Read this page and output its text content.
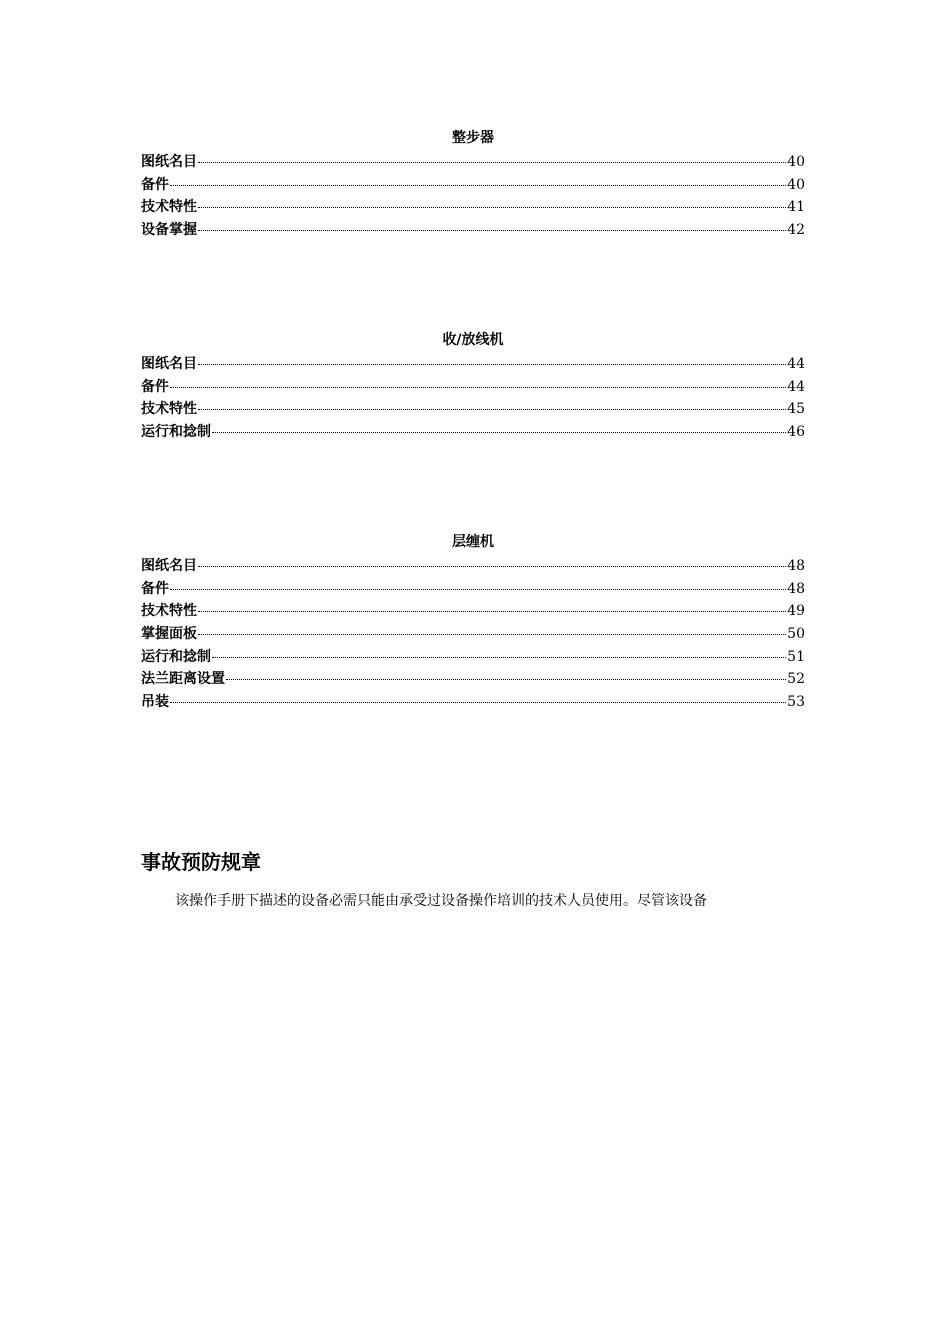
整步器
图纸名目	40
备件	40
技术特性	41
设备掌握	42
收/放线机
图纸名目	44
备件	44
技术特性	45
运行和捻制	46
层缠机
图纸名目	48
备件	48
技术特性	49
掌握面板	50
运行和捻制	51
法兰距离设置	52
吊装	53
事故预防规章

该操作手册下描述的设备必需只能由承受过设备操作培训的技术人员使用。尽管该设备
